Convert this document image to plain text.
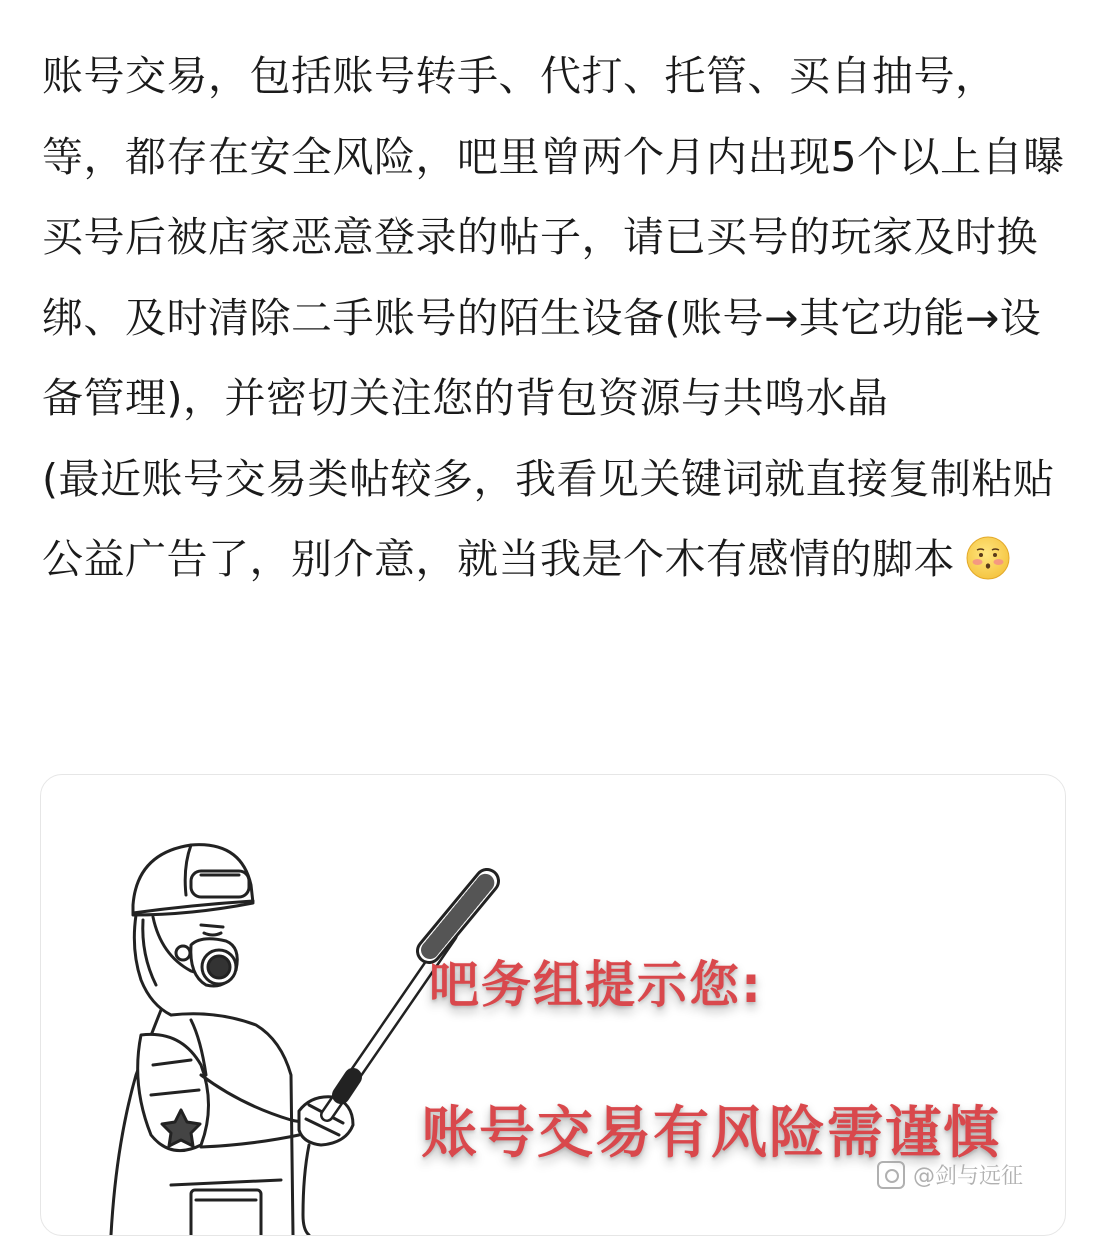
账号交易，包括账号转手、代打、托管、买自抽号，等，都存在安全风险，吧里曾两个月内出现5个以上自曝买号后被店家恶意登录的帖子，请已买号的玩家及时换绑、及时清除二手账号的陌生设备(账号→其它功能→设备管理)，并密切关注您的背包资源与共鸣水晶

(最近账号交易类帖较多，我看见关键词就直接复制粘贴公益广告了，别介意，就当我是个木有感情的脚本

吧务组提示您:
账号交易有风险需谨慎
@剑与远征
